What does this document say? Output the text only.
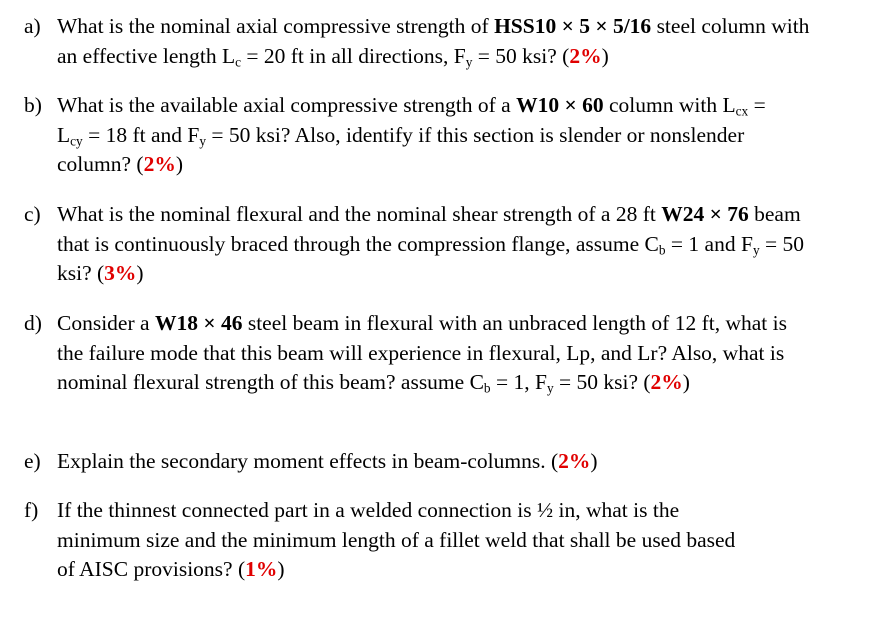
a) What is the nominal axial compressive strength of HSS10 × 5 × 5/16 steel column with an effective length $L_c = 20$ ft in all directions, $F_y = 50$ ksi? (2%)
b) What is the available axial compressive strength of a W10 × 60 column with $L_{cx} = L_{cy} = 18$ ft and $F_y = 50$ ksi? Also, identify if this section is slender or nonslender column? (2%)
c) What is the nominal flexural and the nominal shear strength of a 28 ft W24 × 76 beam that is continuously braced through the compression flange, assume $C_b = 1$ and $F_y = 50$ ksi? (3%)
d) Consider a W18 × 46 steel beam in flexural with an unbraced length of 12 ft, what is the failure mode that this beam will experience in flexural, Lp, and Lr? Also, what is nominal flexural strength of this beam? assume $C_b = 1$, $F_y = 50$ ksi? (2%)
e) Explain the secondary moment effects in beam-columns. (2%)
f) If the thinnest connected part in a welded connection is ½ in, what is the minimum size and the minimum length of a fillet weld that shall be used based of AISC provisions? (1%)
